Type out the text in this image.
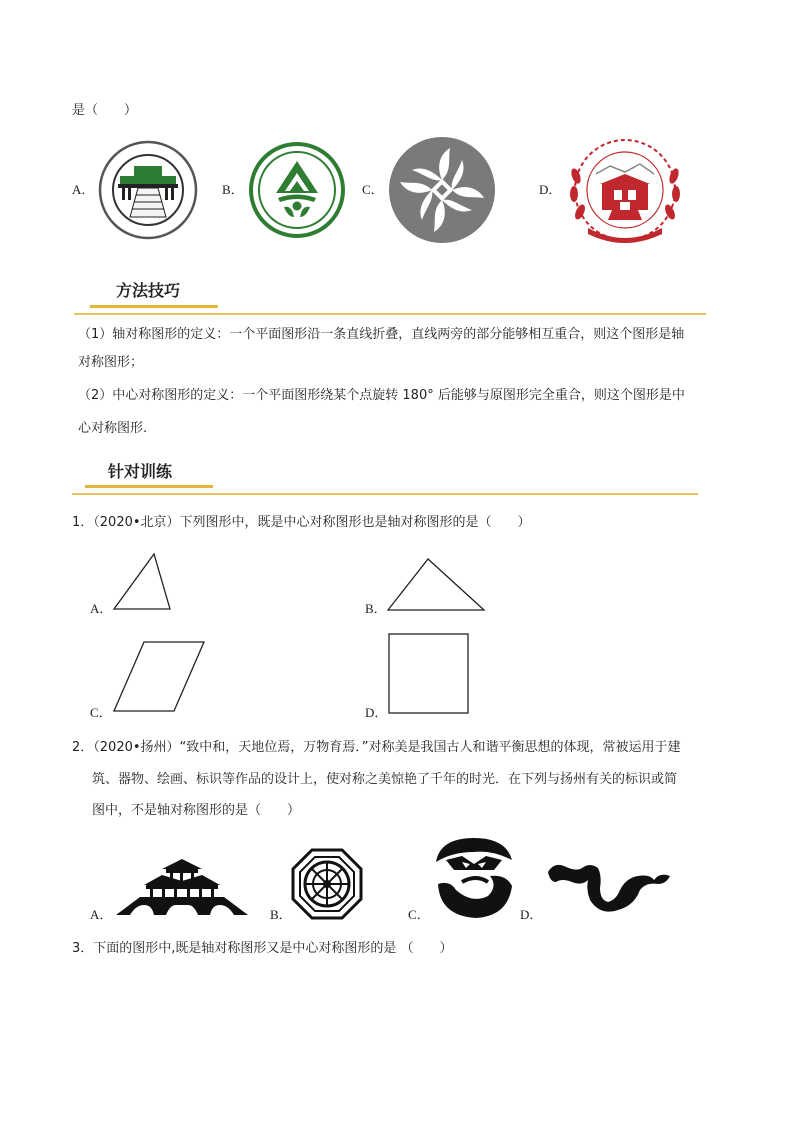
是（　　）
A．	B．	C．	D．
方法技巧
（1）轴对称图形的定义：一个平面图形沿一条直线折叠，直线两旁的部分能够相互重合，则这个图形是轴
对称图形；
（2）中心对称图形的定义：一个平面图形绕某个点旋转 180° 后能够与原图形完全重合，则这个图形是中
心对称图形.
针对训练
1．（2020•北京）下列图形中，既是中心对称图形也是轴对称图形的是（　　）
A．	B．
C．	D．
2．（2020•扬州）“致中和，天地位焉，万物育焉．”对称美是我国古人和谐平衡思想的体现，常被运用于建
筑、器物、绘画、标识等作品的设计上，使对称之美惊艳了千年的时光．在下列与扬州有关的标识或简
图中，不是轴对称图形的是（　　）
A．	B．	C．	D．
3．下面的图形中,既是轴对称图形又是中心对称图形的是 （　　）
